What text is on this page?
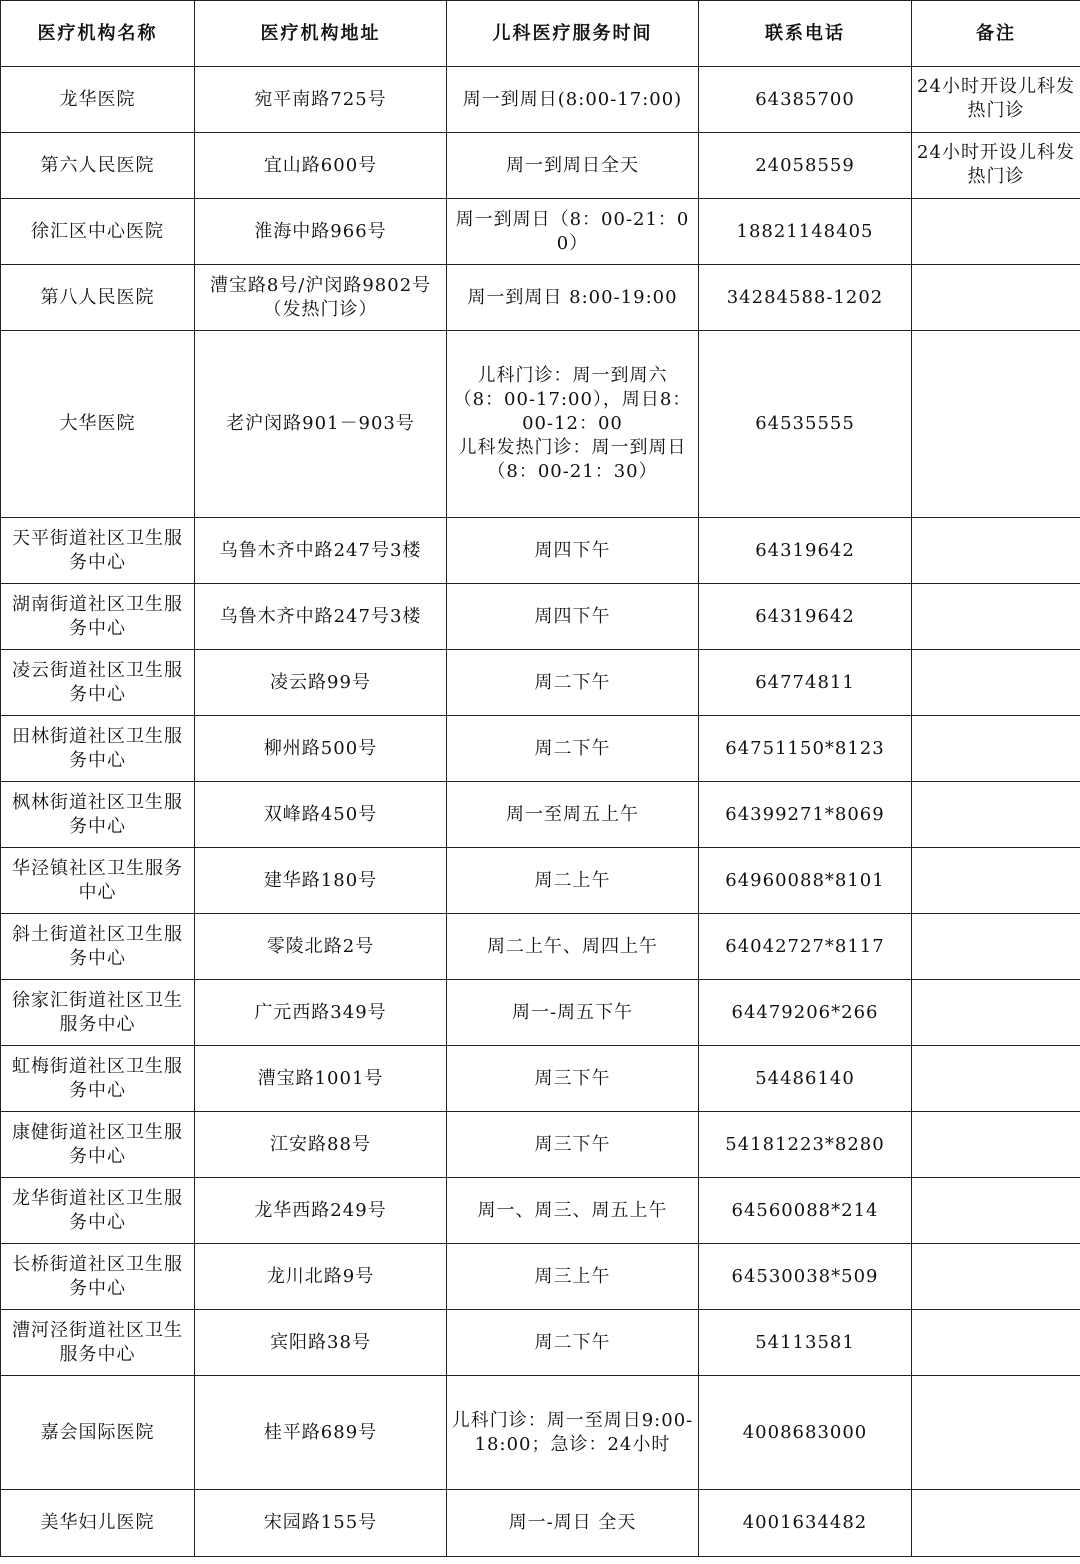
医疗机构名称	医疗机构地址	儿科医疗服务时间	联系电话	备注
龙华医院	宛平南路725号	周一到周日(8:00-17:00)	64385700	24小时开设儿科发热门诊
第六人民医院	宜山路600号	周一到周日全天	24058559	24小时开设儿科发热门诊
徐汇区中心医院	淮海中路966号	周一到周日（8：00-21：00）	18821148405	
第八人民医院	漕宝路8号/沪闵路9802号（发热门诊）	周一到周日 8:00-19:00	34284588-1202	
大华医院	老沪闵路901－903号	儿科门诊：周一到周六
（8：00-17:00），周日8：
00-12：00
儿科发热门诊：周一到周日
（8：00-21：30）	64535555	
天平街道社区卫生服务中心	乌鲁木齐中路247号3楼	周四下午	64319642	
湖南街道社区卫生服务中心	乌鲁木齐中路247号3楼	周四下午	64319642	
凌云街道社区卫生服务中心	凌云路99号	周二下午	64774811	
田林街道社区卫生服务中心	柳州路500号	周二下午	64751150*8123	
枫林街道社区卫生服务中心	双峰路450号	周一至周五上午	64399271*8069	
华泾镇社区卫生服务中心	建华路180号	周二上午	64960088*8101	
斜土街道社区卫生服务中心	零陵北路2号	周二上午、周四上午	64042727*8117	
徐家汇街道社区卫生服务中心	广元西路349号	周一-周五下午	64479206*266	
虹梅街道社区卫生服务中心	漕宝路1001号	周三下午	54486140	
康健街道社区卫生服务中心	江安路88号	周三下午	54181223*8280	
龙华街道社区卫生服务中心	龙华西路249号	周一、周三、周五上午	64560088*214	
长桥街道社区卫生服务中心	龙川北路9号	周三上午	64530038*509	
漕河泾街道社区卫生服务中心	宾阳路38号	周二下午	54113581	
嘉会国际医院	桂平路689号	儿科门诊：周一至周日9:00-18:00；急诊：24小时	4008683000	
美华妇儿医院	宋园路155号	周一-周日 全天	4001634482	
